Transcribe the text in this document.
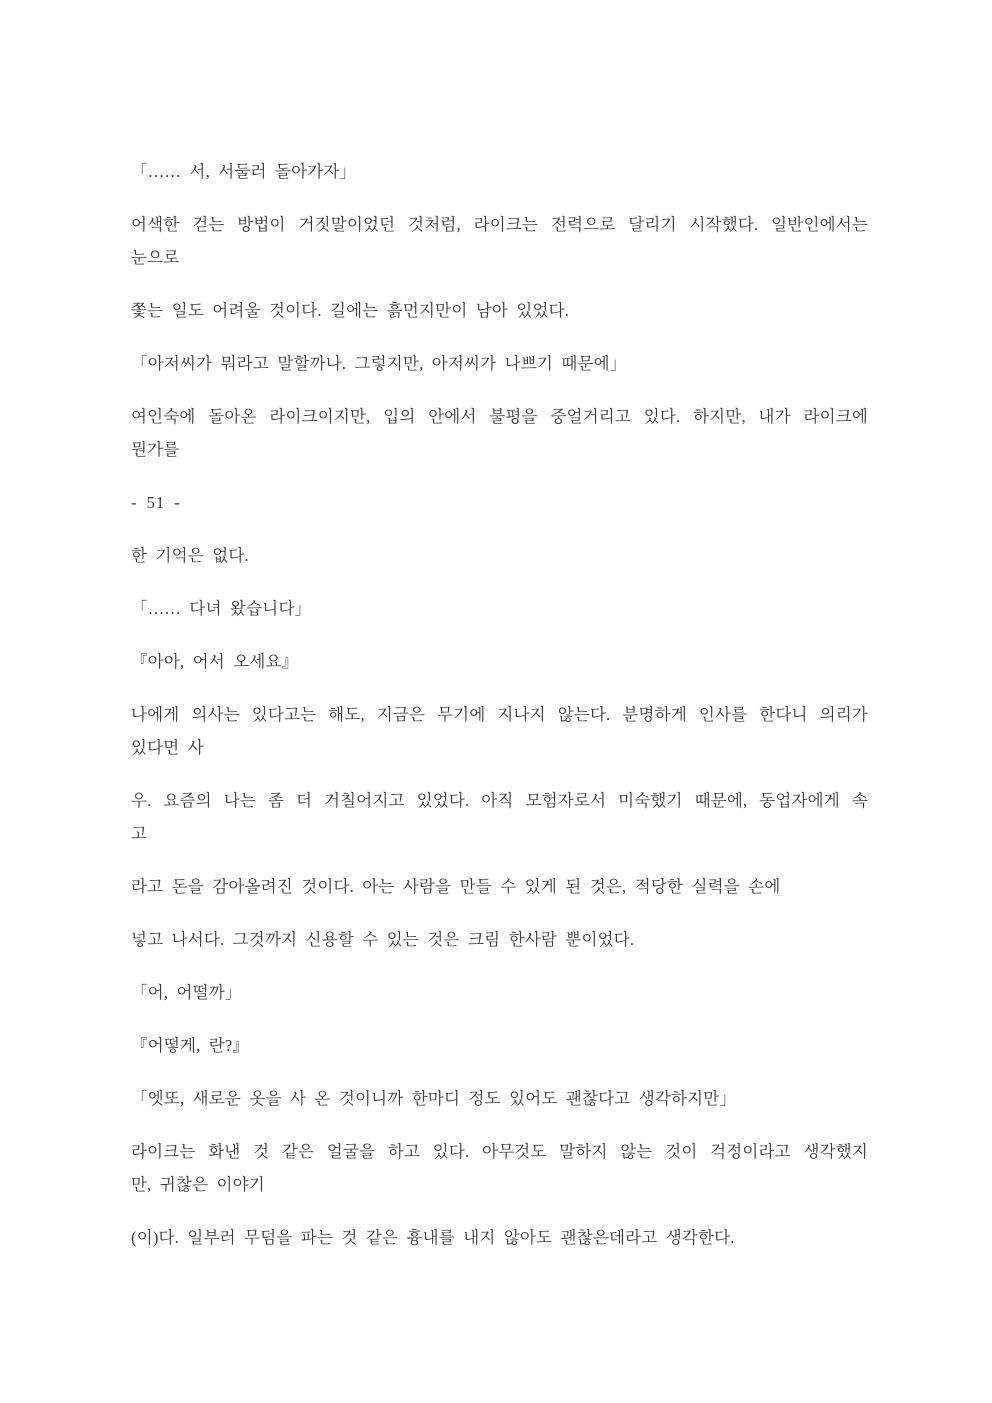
「…… 서, 서둘러 돌아가자」

어색한 걷는 방법이 거짓말이었던 것처럼, 라이크는 전력으로 달리기 시작했다. 일반인에서는
눈으로

쫓는 일도 어려울 것이다. 길에는 흙먼지만이 남아 있었다.

「아저씨가 뭐라고 말할까나. 그렇지만, 아저씨가 나쁘기 때문에」

여인숙에 돌아온 라이크이지만, 입의 안에서 불평을 중얼거리고 있다. 하지만, 내가 라이크에
뭔가를

- 51 -

한 기억은 없다.

「…… 다녀 왔습니다」

『아아, 어서 오세요』

나에게 의사는 있다고는 해도, 지금은 무기에 지나지 않는다. 분명하게 인사를 한다니 의리가
있다면 사

우. 요즘의 나는 좀 더 거칠어지고 있었다. 아직 모험자로서 미숙했기 때문에, 동업자에게 속
고

라고 돈을 감아올려진 것이다. 아는 사람을 만들 수 있게 된 것은, 적당한 실력을 손에

넣고 나서다. 그것까지 신용할 수 있는 것은 크림 한사람 뿐이었다.

「어, 어떨까」

『어떻게, 란?』

「엣또, 새로운 옷을 사 온 것이니까 한마디 정도 있어도 괜찮다고 생각하지만」

라이크는 화낸 것 같은 얼굴을 하고 있다. 아무것도 말하지 않는 것이 걱정이라고 생각했지
만, 귀찮은 이야기

(이)다. 일부러 무덤을 파는 것 같은 흉내를 내지 않아도 괜찮은데라고 생각한다.
